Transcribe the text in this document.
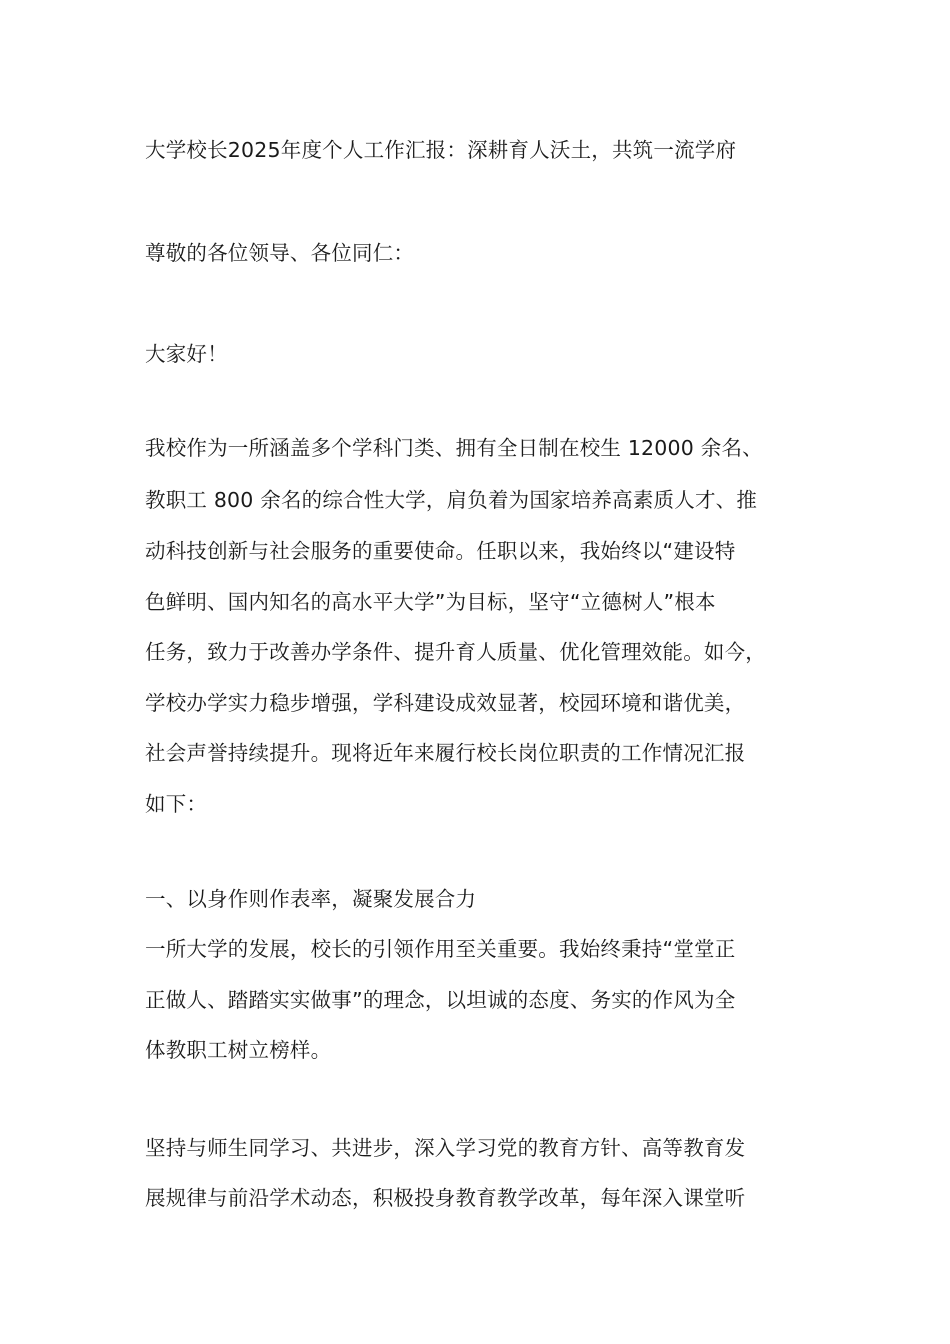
大学校长2025年度个人工作汇报：深耕育人沃土，共筑一流学府
尊敬的各位领导、各位同仁：
大家好！
我校作为一所涵盖多个学科门类、拥有全日制在校生 12000 余名、
教职工 800 余名的综合性大学，肩负着为国家培养高素质人才、推
动科技创新与社会服务的重要使命。任职以来，我始终以“建设特
色鲜明、国内知名的高水平大学”为目标，坚守“立德树人”根本
任务，致力于改善办学条件、提升育人质量、优化管理效能。如今，
学校办学实力稳步增强，学科建设成效显著，校园环境和谐优美，
社会声誉持续提升。现将近年来履行校长岗位职责的工作情况汇报
如下：
一、以身作则作表率，凝聚发展合力
一所大学的发展，校长的引领作用至关重要。我始终秉持“堂堂正
正做人、踏踏实实做事”的理念，以坦诚的态度、务实的作风为全
体教职工树立榜样。
坚持与师生同学习、共进步，深入学习党的教育方针、高等教育发
展规律与前沿学术动态，积极投身教育教学改革，每年深入课堂听
